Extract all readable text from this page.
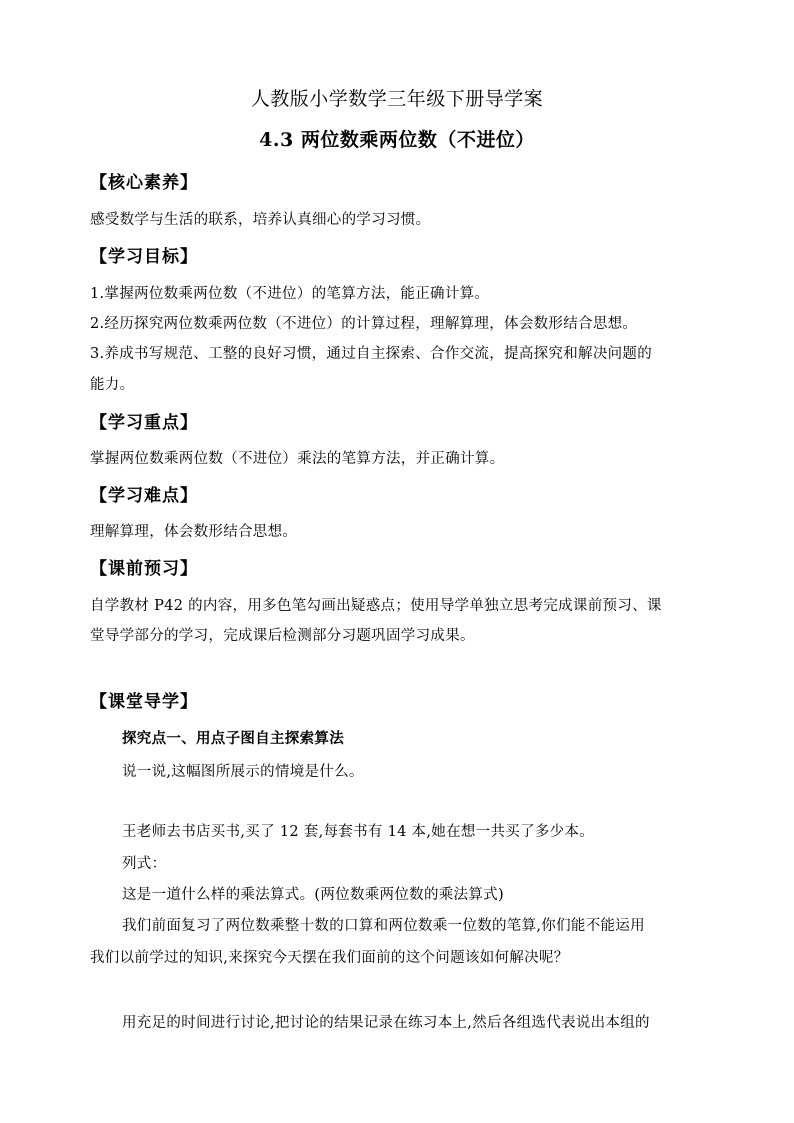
人教版小学数学三年级下册导学案
4.3 两位数乘两位数（不进位）
【核心素养】
感受数学与生活的联系，培养认真细心的学习习惯。
【学习目标】
1.掌握两位数乘两位数（不进位）的笔算方法，能正确计算。
2.经历探究两位数乘两位数（不进位）的计算过程，理解算理，体会数形结合思想。
3.养成书写规范、工整的良好习惯，通过自主探索、合作交流，提高探究和解决问题的
能力。
【学习重点】
掌握两位数乘两位数（不进位）乘法的笔算方法，并正确计算。
【学习难点】
理解算理，体会数形结合思想。
【课前预习】
自学教材 P42 的内容，用多色笔勾画出疑惑点；使用导学单独立思考完成课前预习、课
堂导学部分的学习，完成课后检测部分习题巩固学习成果。
【课堂导学】
探究点一、用点子图自主探索算法
说一说,这幅图所展示的情境是什么。
王老师去书店买书,买了 12 套,每套书有 14 本,她在想一共买了多少本。
列式：
这是一道什么样的乘法算式。(两位数乘两位数的乘法算式)
我们前面复习了两位数乘整十数的口算和两位数乘一位数的笔算,你们能不能运用
我们以前学过的知识,来探究今天摆在我们面前的这个问题该如何解决呢？
用充足的时间进行讨论,把讨论的结果记录在练习本上,然后各组选代表说出本组的
